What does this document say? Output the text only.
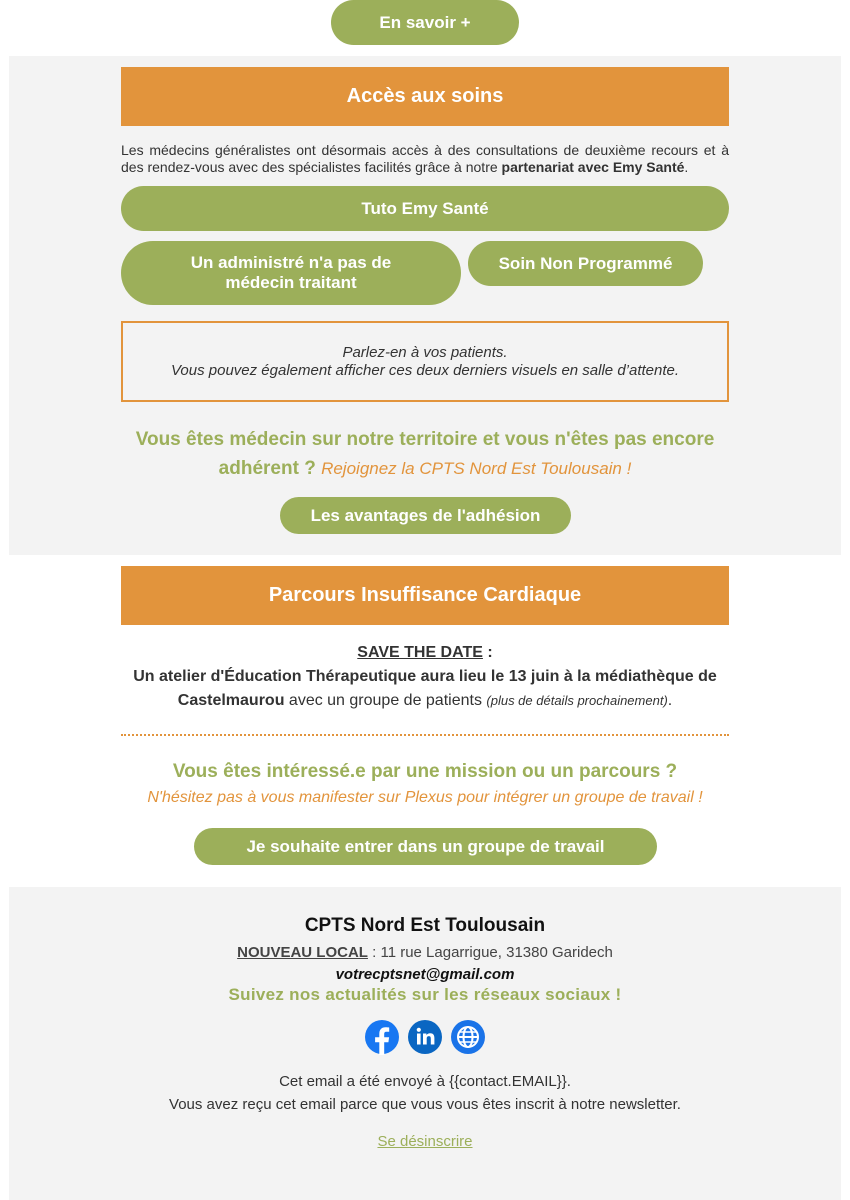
En savoir +
Accès aux soins
Les médecins généralistes ont désormais accès à des consultations de deuxième recours et à des rendez-vous avec des spécialistes facilités grâce à notre partenariat avec Emy Santé.
Tuto Emy Santé
Un administré n'a pas de
médecin traitant
Soin Non Programmé
Parlez-en à vos patients.
Vous pouvez également afficher ces deux derniers visuels en salle d’attente.
Vous êtes médecin sur notre territoire et vous n'êtes pas encore
adhérent ? Rejoignez la CPTS Nord Est Toulousain !
Les avantages de l'adhésion
Parcours Insuffisance Cardiaque
SAVE THE DATE :
Un atelier d'Éducation Thérapeutique aura lieu le 13 juin à la médiathèque de
Castelmaurou avec un groupe de patients (plus de détails prochainement).
Vous êtes intéressé.e par une mission ou un parcours ?
N'hésitez pas à vous manifester sur Plexus pour intégrer un groupe de travail !
Je souhaite entrer dans un groupe de travail
CPTS Nord Est Toulousain
NOUVEAU LOCAL : 11 rue Lagarrigue, 31380 Garidech
votrecptsnet@gmail.com
Suivez nos actualités sur les réseaux sociaux !
Cet email a été envoyé à {{contact.EMAIL}}.
Vous avez reçu cet email parce que vous vous êtes inscrit à notre newsletter.
Se désinscrire
